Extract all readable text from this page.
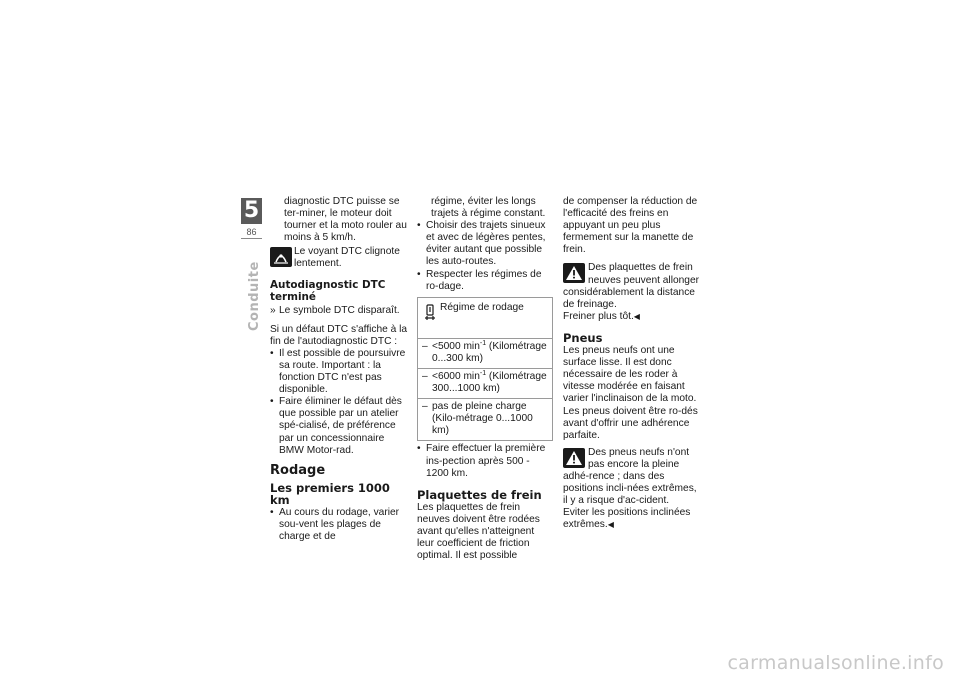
5
86
Conduite

diagnostic DTC puisse se ter-miner, le moteur doit tourner et la moto rouler au moins à 5 km/h.

Le voyant DTC clignote lentement.

Autodiagnostic DTC terminé

» Le symbole DTC disparaît.

Si un défaut DTC s'affiche à la fin de l'autodiagnostic DTC :

• Il est possible de poursuivre sa route. Important : la fonction DTC n'est pas disponible.

• Faire éliminer le défaut dès que possible par un atelier spé-cialisé, de préférence par un concessionnaire BMW Motor-rad.

Rodage
Les premiers 1000 km

• Au cours du rodage, varier sou-vent les plages de charge et de

régime, éviter les longs trajets à régime constant.

• Choisir des trajets sinueux et avec de légères pentes, éviter autant que possible les auto-routes.

• Respecter les régimes de ro-dage.

Régime de rodage
– <5000 $\min^{-1}$ (Kilométrage 0...300 km)

– <6000 $\min^{-1}$ (Kilométrage 300...1000 km)

– pas de pleine charge (Kilo-métrage 0...1000 km)

• Faire effectuer la première ins-pection après 500 - 1200 km.

Plaquettes de frein

Les plaquettes de frein neuves doivent être rodées avant qu'elles n'atteignent leur coefficient de friction optimal. Il est possible

de compenser la réduction de l'efficacité des freins en appuyant un peu plus fermement sur la manette de frein.

Des plaquettes de frein neuves peuvent allonger considérablement la distance de freinage.

Freiner plus tôt.◀

Pneus

Les pneus neufs ont une surface lisse. Il est donc nécessaire de les roder à vitesse modérée en faisant varier l'inclinaison de la moto. Les pneus doivent être ro-dés avant d'offrir une adhérence parfaite.

Des pneus neufs n'ont pas encore la pleine adhé-rence ; dans des positions incli-nées extrêmes, il y a risque d'ac-cident.

Eviter les positions inclinées extrêmes.◀

carmanualsonline.info
